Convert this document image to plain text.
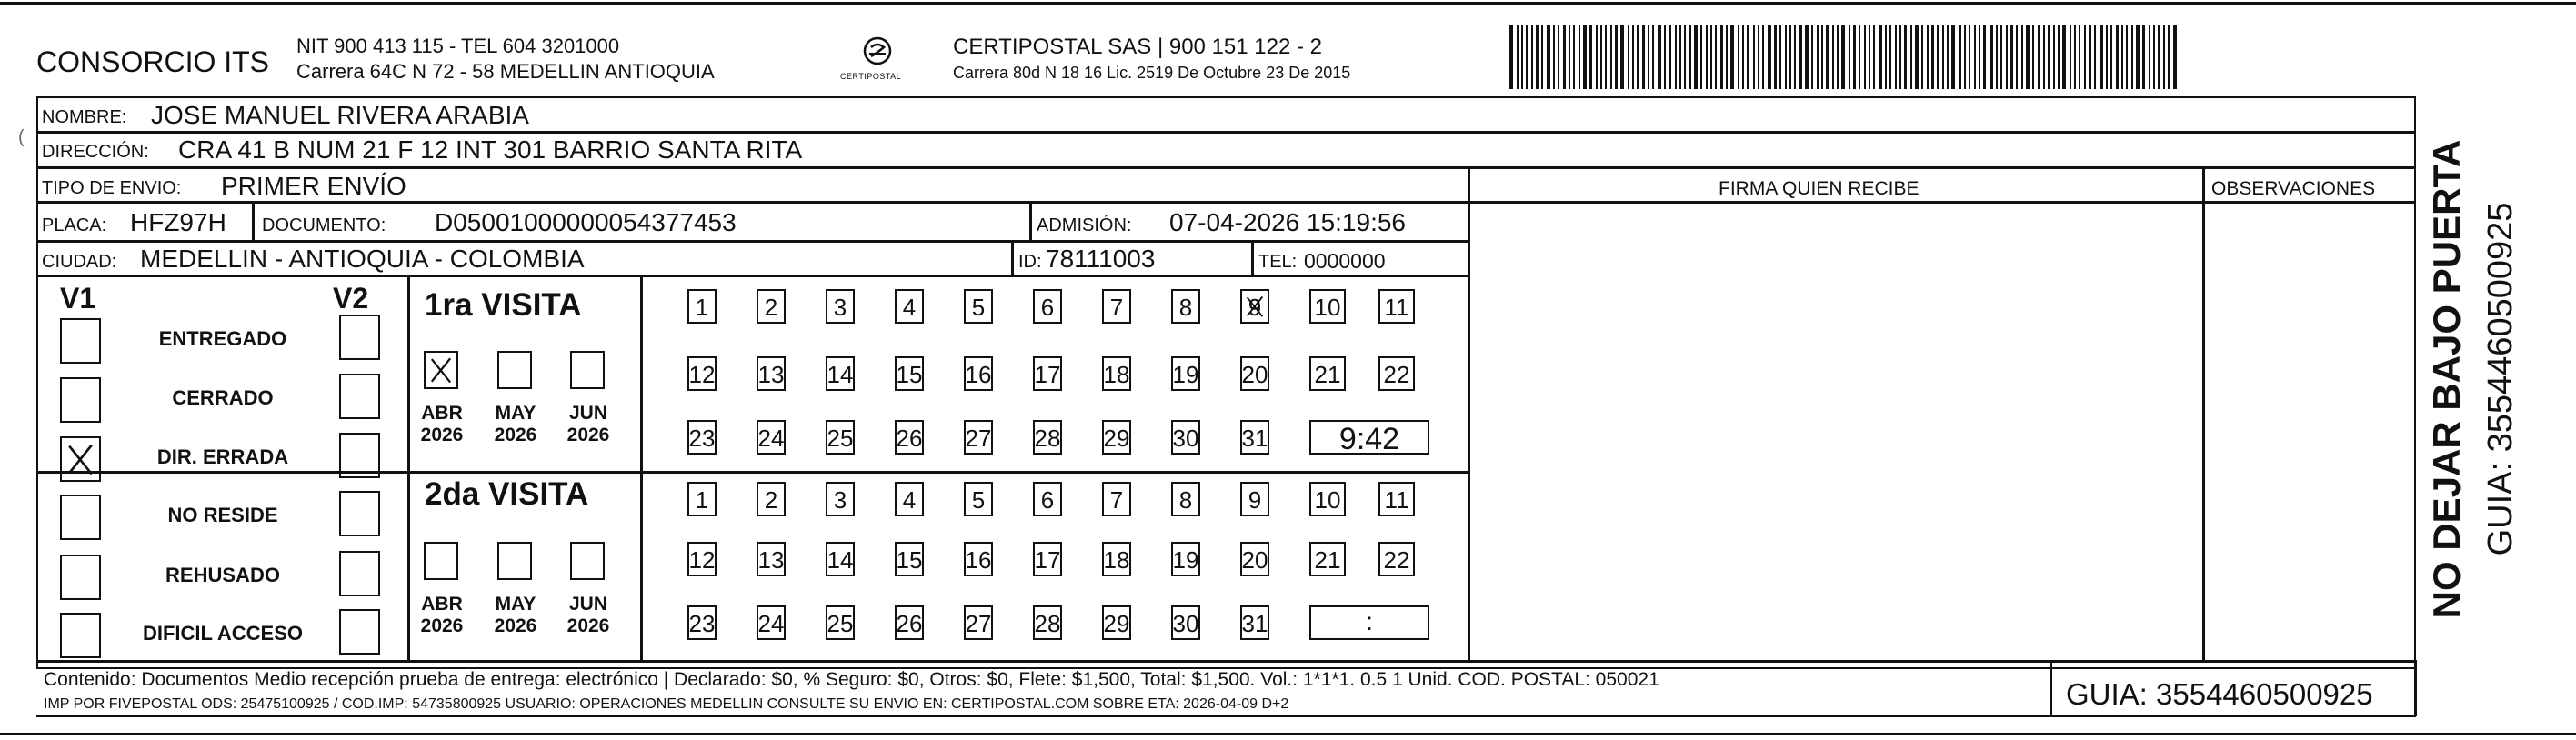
CONSORCIO ITS NIT 900 413 115 - TEL 604 3201000
Carrera 64C N 72 - 58 MEDELLIN ANTIOQUIA	CERTIPOSTAL
CERTIPOSTAL SAS | 900 151 122 - 2
Carrera 80d N 18 16 Lic. 2519 De Octubre 23 De 2015
(
NOMBRE: JOSE MANUEL RIVERA ARABIA
DIRECCIÓN: CRA 41 B NUM 21 F 12 INT 301 BARRIO SANTA RITA
TIPO DE ENVIO: PRIMER ENVÍO
PLACA: HFZ97H DOCUMENTO: D05001000000054377453	ADMISIÓN: 07-04-2026 15:19:56
CIUDAD: MEDELLIN - ANTIOQUIA - COLOMBIA	ID: 78111003	TEL: 0000000
FIRMA QUIEN RECIBE	OBSERVACIONES
V1	V2
ENTREGADO
CERRADO
DIR. ERRADA
NO RESIDE
REHUSADO
DIFICIL ACCESO
1ra VISITA
2da VISITA
ABR
2026
MAY
2026
JUN
2026
ABR
2026
MAY
2026
JUN
2026
1	2	3	4	5	6	7	8	9 10 11
12 13 14 15 16 17 18 19 20 21 22
23 24 25 26 27 28 29 30 31	9:42
1	2	3	4	5	6	7	8	9	10 11
12 13 14 15 16 17 18 19 20 21 22
23 24 25 26 27 28 29 30 31	:
NO DEJAR BAJO PUERTA GUIA: 3554460500925
Contenido: Documentos Medio recepción prueba de entrega: electrónico | Declarado: $0, % Seguro: $0, Otros: $0, Flete: $1,500, Total: $1,500. Vol.: 1*1*1. 0.5 1 Unid. COD. POSTAL: 050021
IMP POR FIVEPOSTAL ODS: 25475100925 / COD.IMP: 54735800925 USUARIO: OPERACIONES MEDELLIN CONSULTE SU ENVIO EN: CERTIPOSTAL.COM SOBRE ETA: 2026-04-09 D+2	GUIA: 3554460500925
